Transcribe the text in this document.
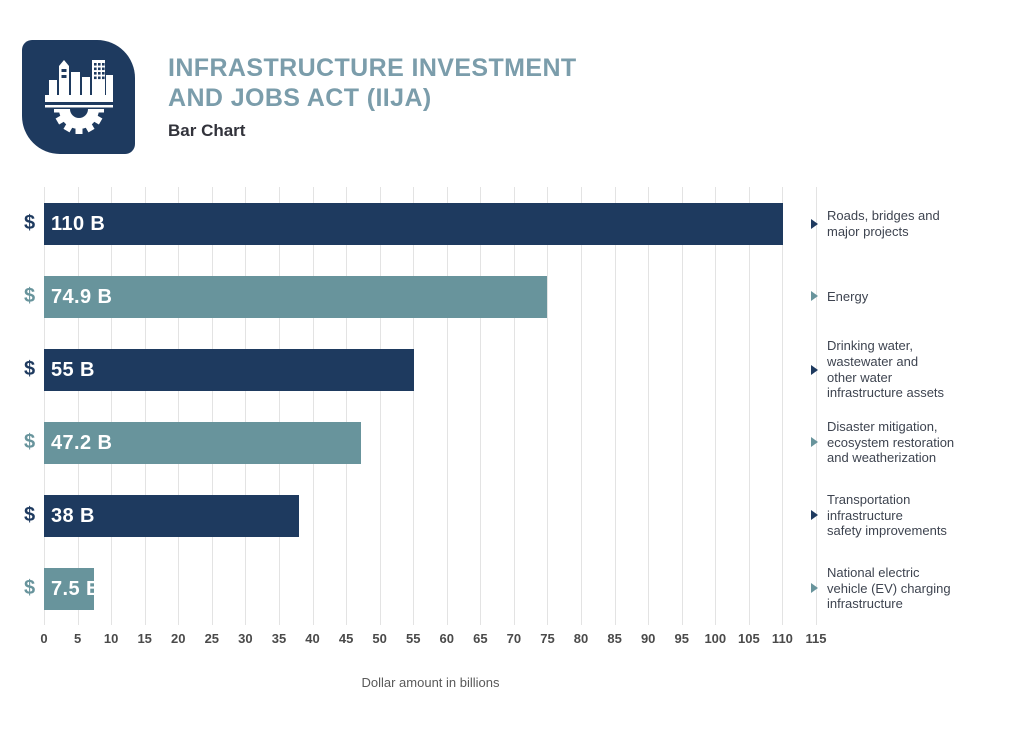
INFRASTRUCTURE INVESTMENT AND JOBS ACT (IIJA)
Bar Chart
$ 110 B	Roads, bridges and
major projects
$ 74.9 B	Energy
$ 55 B
Drinking water,
wastewater and
other water
infrastructure assets
$ 47.2 B
Disaster mitigation,
ecosystem restoration
and weatherization
$ 38 B
Transportation
infrastructure
safety improvements
$ 7.5 B
National electric
vehicle (EV) charging
infrastructure
0 5 10 15 20 25 30 35 40 45 50 55 60 65 70 75 80 85 90 95 100 105 110 115
Dollar amount in billions
